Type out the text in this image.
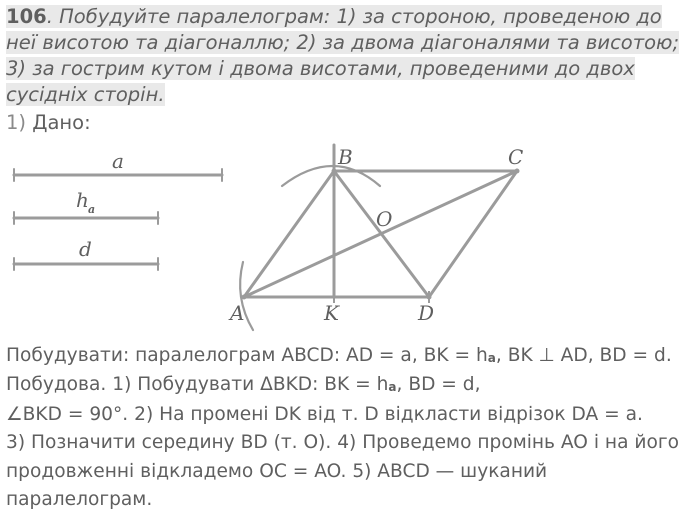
106. Побудуйте паралелограм: 1) за стороною, проведеною до неї висотою та діагоналлю; 2) за двома діагоналями та висотою; 3) за гострим кутом і двома висотами, проведеними до двох сусідніх сторін.
1) Дано:
a
h a
d
B	C
O
A	K	D
Побудувати: паралелограм ABCD: AD = a, BK = ha, BK ⊥ AD, BD = d.
Побудова. 1) Побудувати ΔBKD: BK = ha, BD = d,
∠BKD = 90°. 2) На промені DK від т. D відкласти відрізок DA = a.
3) Позначити середину BD (т. O). 4) Проведемо промінь AO і на його
продовженні відкладемо OC = AO. 5) ABCD — шуканий
паралелограм.
